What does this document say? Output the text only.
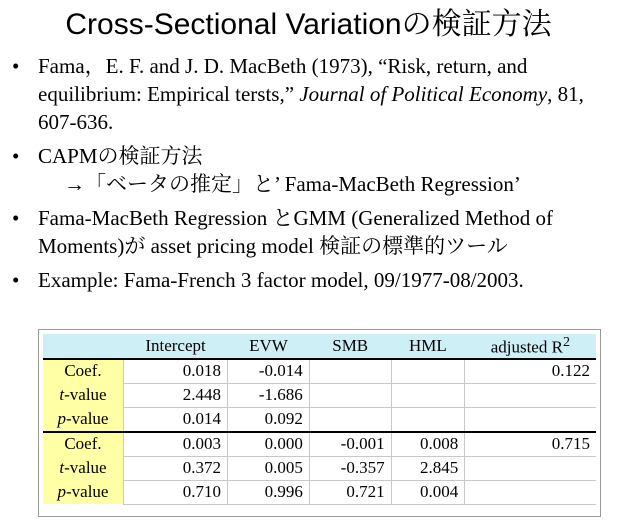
Cross-Sectional Variationの検証方法
• Fama，E. F. and J. D. MacBeth (1973), “Risk, return, and equilibrium: Empirical tersts,” Journal of Political Economy, 81, 607-636.
• CAPMの検証方法
→「ベータの推定」と’ Fama-MacBeth Regression’
• Fama-MacBeth Regression とGMM (Generalized Method of Moments)が asset pricing model 検証の標準的ツール
• Example: Fama-French 3 factor model, 09/1977-08/2003.
	Intercept	EVW	SMB	HML	adjusted $R^2$
Coef.	0.018	-0.014			0.122
t-value	2.448	-1.686			
p-value	0.014	0.092			
Coef.	0.003	0.000	-0.001	0.008	0.715
t-value	0.372	0.005	-0.357	2.845	
p-value	0.710	0.996	0.721	0.004	
